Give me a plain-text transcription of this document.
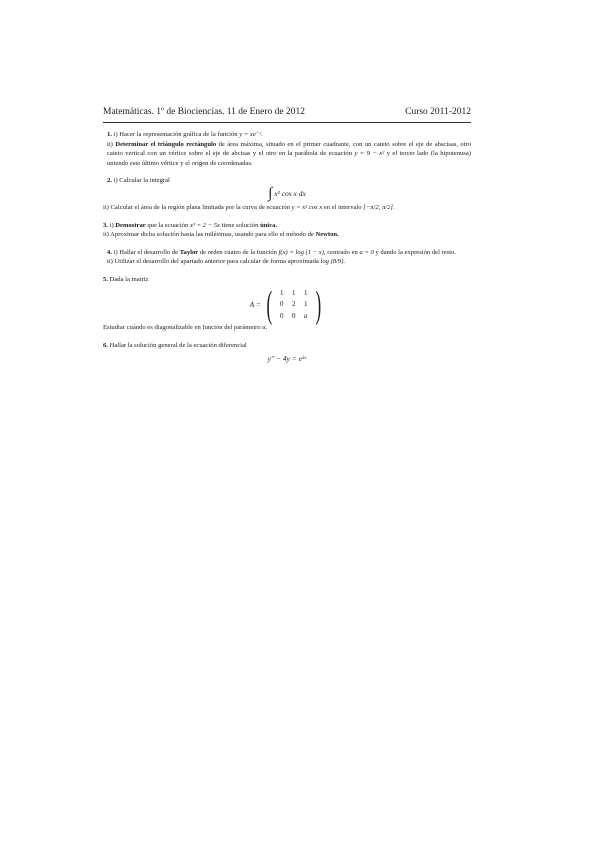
Matemáticas. 1º de Biociencias. 11 de Enero de 2012	Curso 2011-2012

1. i) Hacer la representación gráfica de la función y = xe⁻ˣ.

ii) Determinar el triángulo rectángulo de área máxima, situado en el primer cuadrante, con un cateto sobre el eje de abscisas, otro cateto vertical con un vértice sobre el eje de abcisas y el otro en la parábola de ecuación y = 9 − x² y el tercer lado (la hipotenusa) uniendo este último vértice y el origen de coordenadas.

2. i) Calcular la integral

∫ x² cos x dx

ii) Calcular el área de la región plana limitada por la curva de ecuación y = x² cos x en el intervalo [−π/2, π/2].

3. i) Demostrar que la ecuación x³ = 2 − 5x tiene solución única.

ii) Aproximar dicha solución hasta las milésimas, usando para ello el método de Newton.

4. i) Hallar el desarrollo de Taylor de orden cuatro de la función f(x) = log (1 − x), centrado en a = 0 y dando la expresión del resto.

ii) Utilizar el desarrollo del apartado anterior para calcular de forma aproximada log (8/9).

5. Dada la matriz

A = (	1	1	1
0	2	1
0	0	a )

Estudiar cuándo es diagonalizable en función del parámetro a.

6. Hallar la solución general de la ecuación diferencial

y″ − 4y = e²ˣ
